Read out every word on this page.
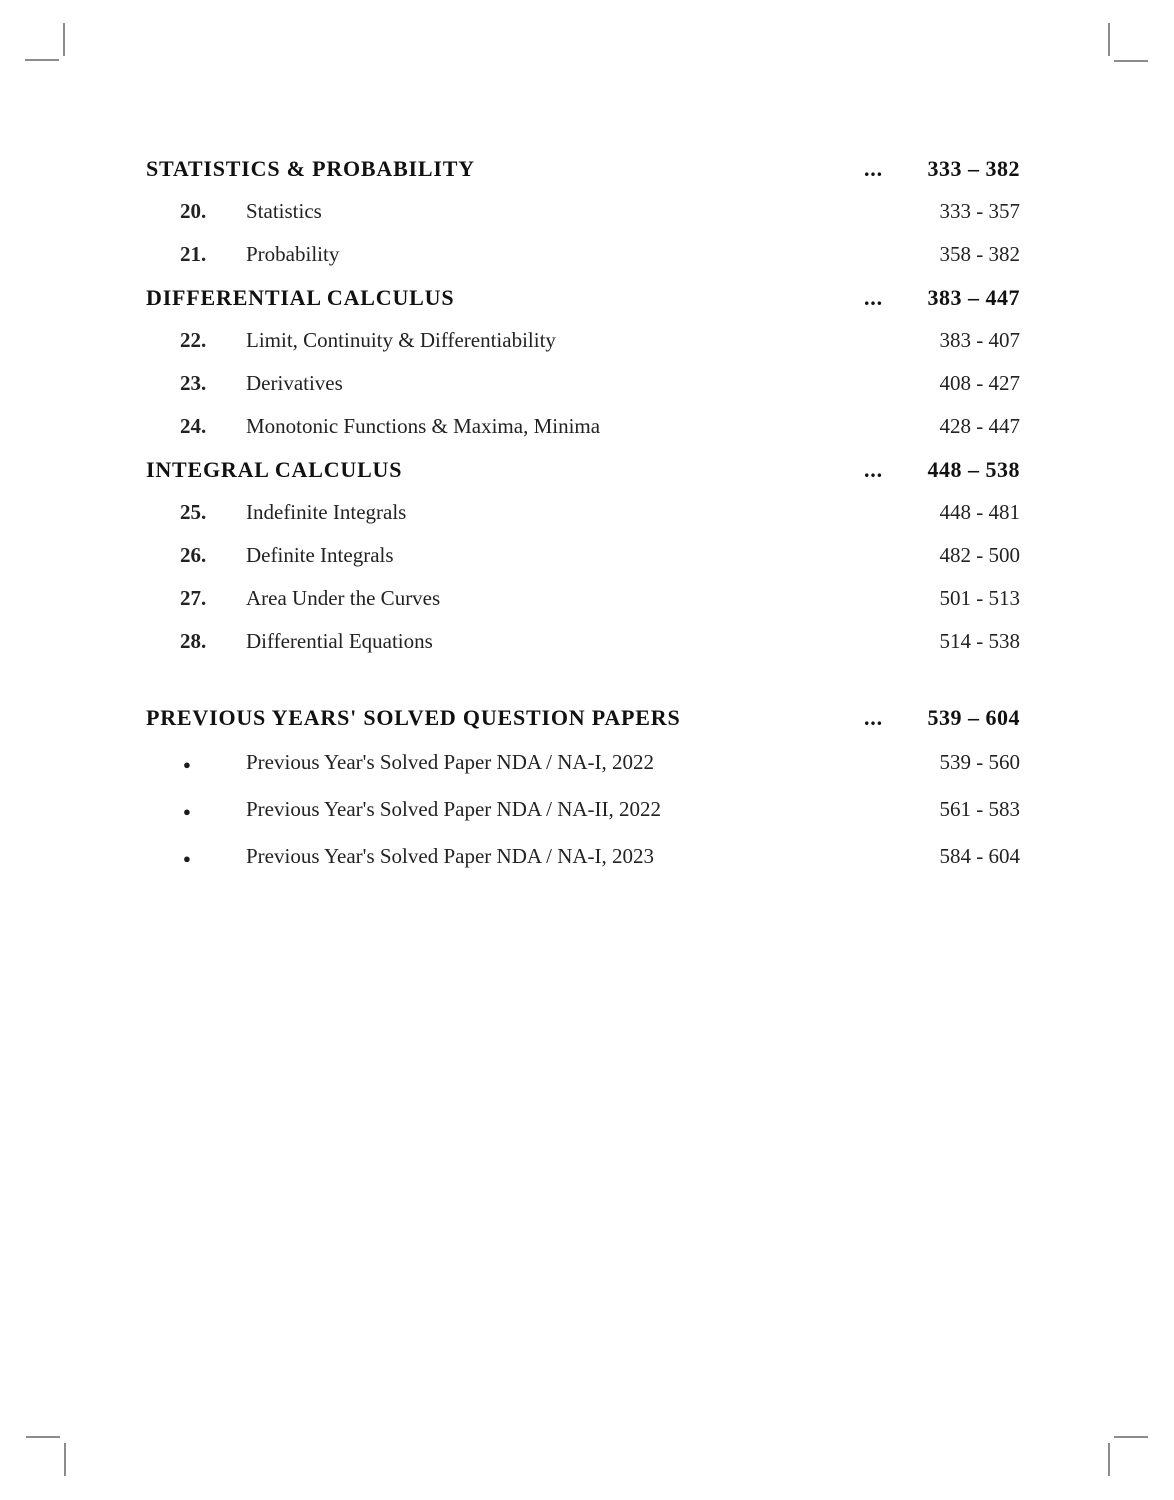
STATISTICS & PROBABILITY	...	333 – 382
20.	Statistics	333 - 357
21.	Probability	358 - 382
DIFFERENTIAL CALCULUS	...	383 – 447
22.	Limit, Continuity & Differentiability	383 - 407
23.	Derivatives	408 - 427
24.	Monotonic Functions & Maxima, Minima	428 - 447
INTEGRAL CALCULUS	...	448 – 538
25.	Indefinite Integrals	448 - 481
26.	Definite Integrals	482 - 500
27.	Area Under the Curves	501 - 513
28.	Differential Equations	514 - 538
PREVIOUS YEARS' SOLVED QUESTION PAPERS	...	539 – 604
●	Previous Year's Solved Paper NDA / NA-I, 2022	539 - 560
●	Previous Year's Solved Paper NDA / NA-II, 2022	561 - 583
●	Previous Year's Solved Paper NDA / NA-I, 2023	584 - 604
